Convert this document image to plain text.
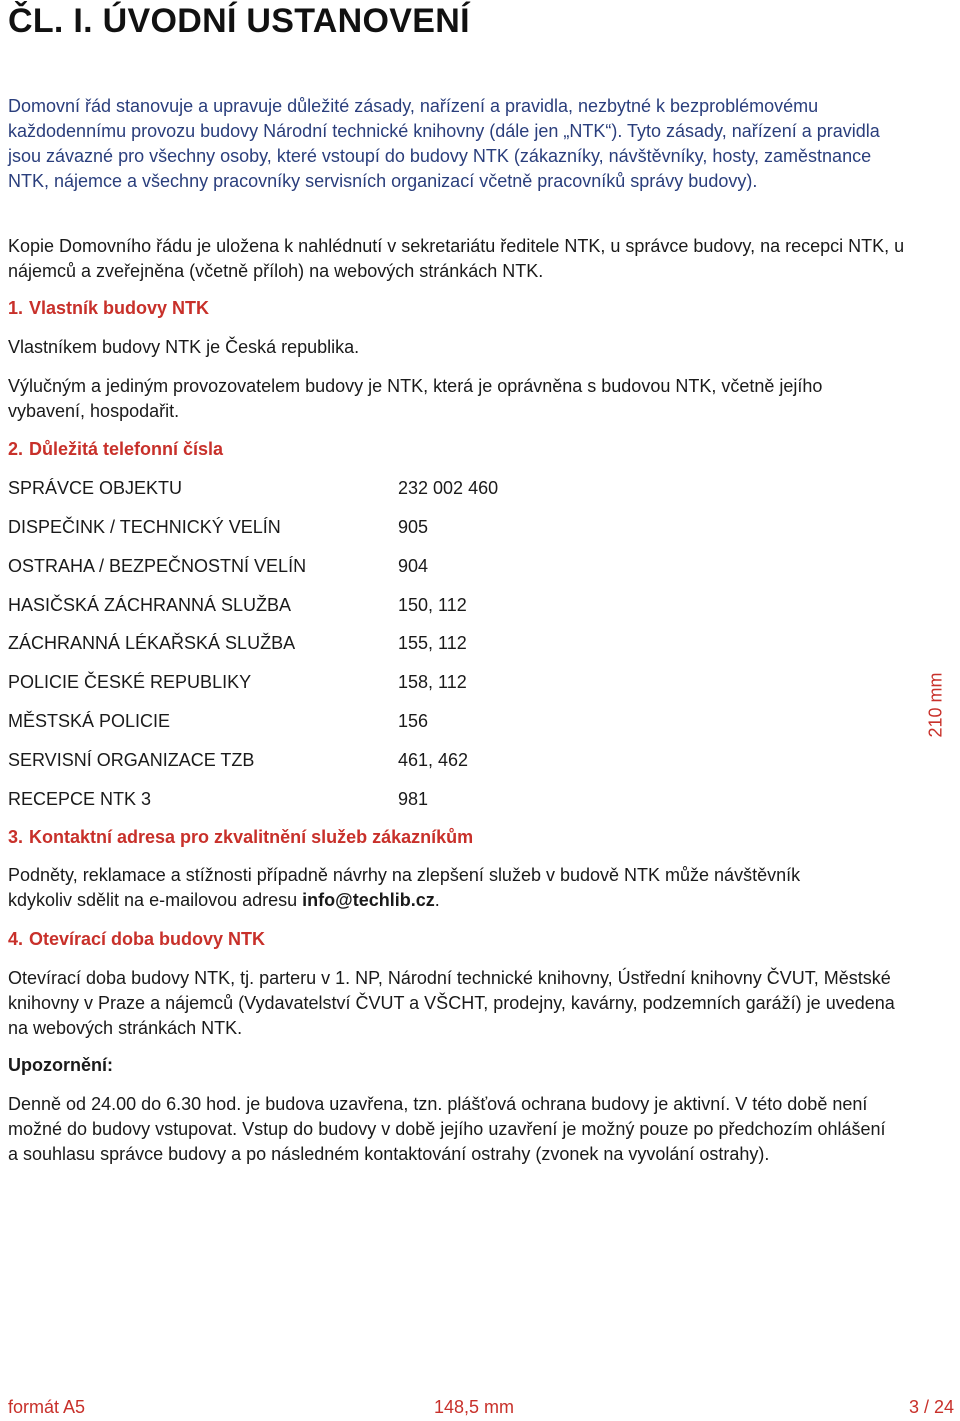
ČL. I. ÚVODNÍ USTANOVENÍ

Domovní řád stanovuje a upravuje důležité zásady, nařízení a pravidla, nezbytné k bezproblémovému každodennímu provozu budovy Národní technické knihovny (dále jen „NTK“). Tyto zásady, nařízení a pravidla jsou závazné pro všechny osoby, které vstoupí do budovy NTK (zákazníky, návštěvníky, hosty, zaměstnance NTK, nájemce a všechny pracovníky servisních organizací včetně pracovníků správy budovy).

Kopie Domovního řádu je uložena k nahlédnutí v sekretariátu ředitele NTK, u správce budovy, na recepci NTK, u nájemců a zveřejněna (včetně příloh) na webových stránkách NTK.

1. Vlastník budovy NTK

Vlastníkem budovy NTK je Česká republika.

Výlučným a jediným provozovatelem budovy je NTK, která je oprávněna s budovou NTK, včetně jejího vybavení, hospodařit.

2. Důležitá telefonní čísla
SPRÁVCE OBJEKTU	232 002 460
DISPEČINK / TECHNICKÝ VELÍN	905
OSTRAHA / BEZPEČNOSTNÍ VELÍN	904
HASIČSKÁ ZÁCHRANNÁ SLUŽBA	150, 112
ZÁCHRANNÁ LÉKAŘSKÁ SLUŽBA	155, 112
POLICIE ČESKÉ REPUBLIKY	158, 112
MĚSTSKÁ POLICIE	156
SERVISNÍ ORGANIZACE TZB	461, 462
RECEPCE NTK 3	981
3. Kontaktní adresa pro zkvalitnění služeb zákazníkům

Podněty, reklamace a stížnosti případně návrhy na zlepšení služeb v budově NTK může návštěvník kdykoliv sdělit na e-mailovou adresu info@techlib.cz.

4. Otevírací doba budovy NTK

Otevírací doba budovy NTK, tj. parteru v 1. NP, Národní technické knihovny, Ústřední knihovny ČVUT, Městské knihovny v Praze a nájemců (Vydavatelství ČVUT a VŠCHT, prodejny, kavárny, podzemních garáží) je uvedena na webových stránkách NTK.

Upozornění:

Denně od 24.00 do 6.30 hod. je budova uzavřena, tzn. plášťová ochrana budovy je aktivní. V této době není možné do budovy vstupovat. Vstup do budovy v době jejího uzavření je možný pouze po předchozím ohlášení a souhlasu správce budovy a po následném kontaktování ostrahy (zvonek na vyvolání ostrahy).

210 mm
formát A5	148,5 mm	3 / 24
